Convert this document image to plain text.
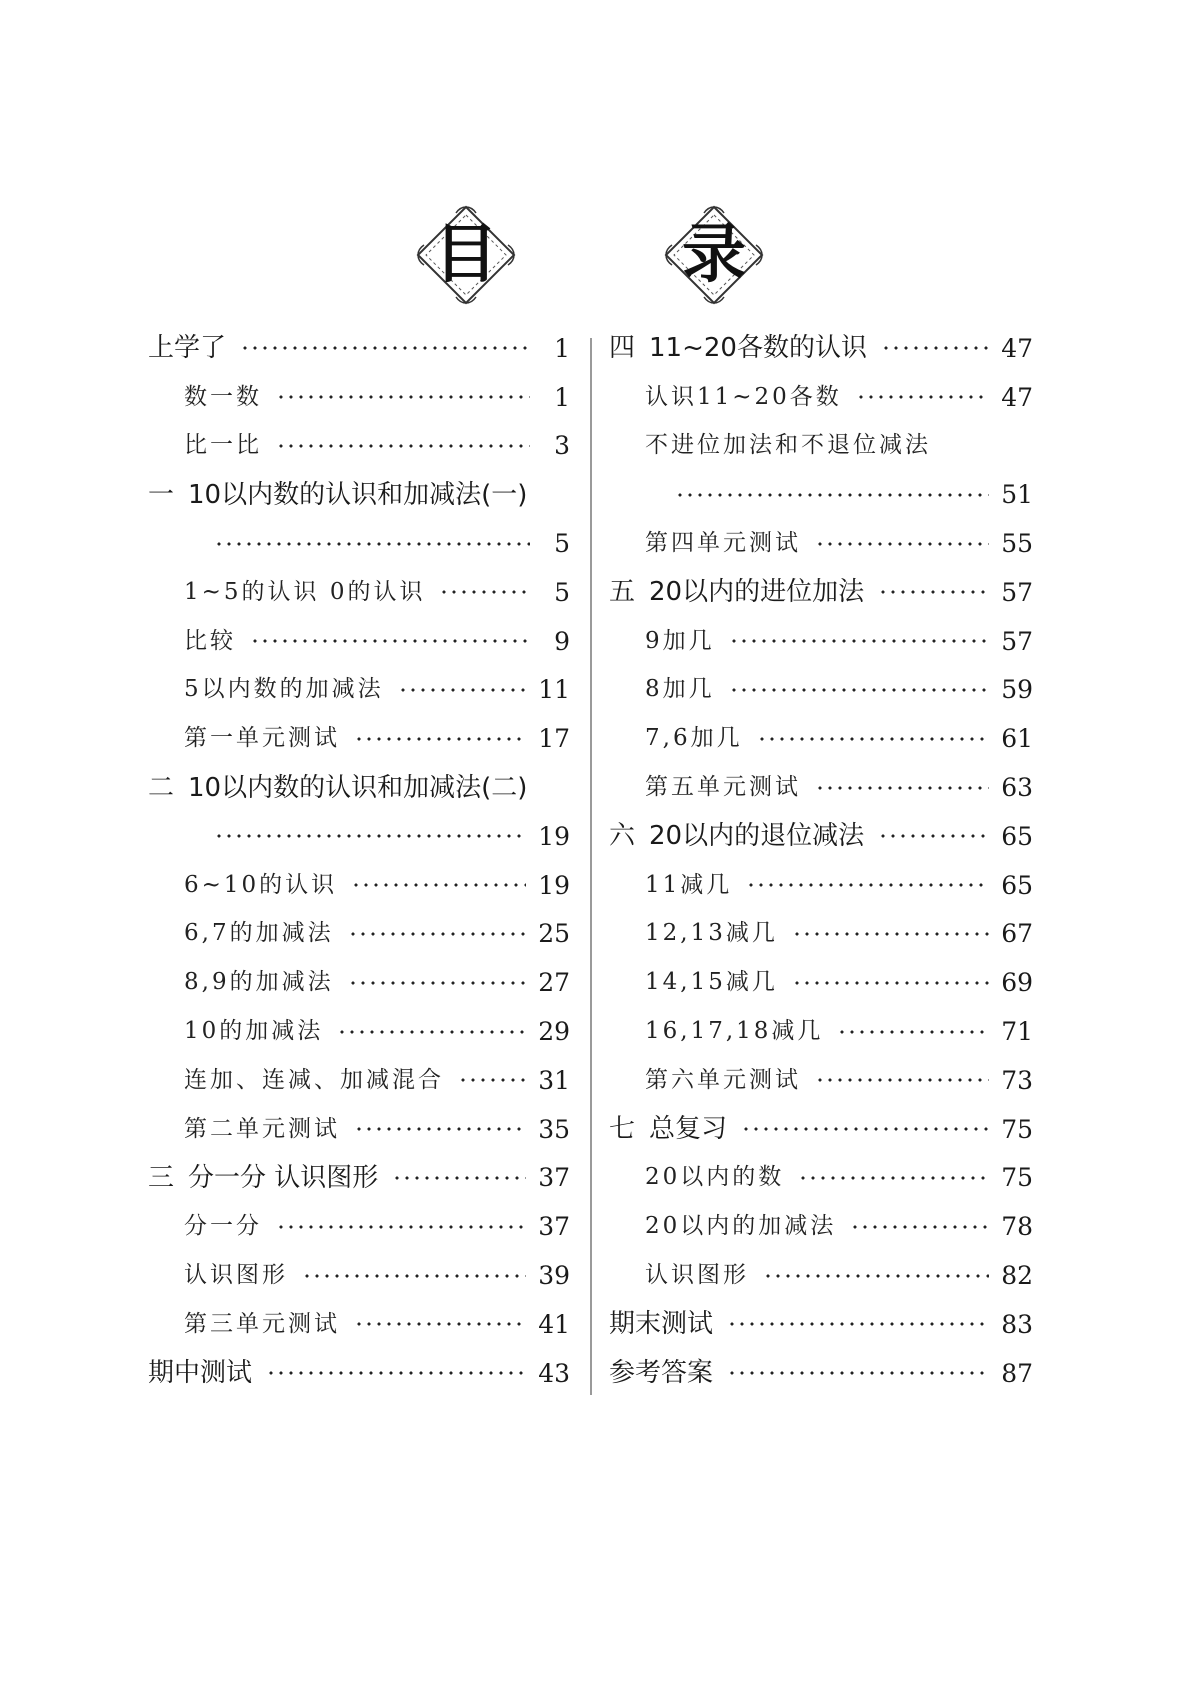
目	录
上学了	1
数一数	1
比一比	3
一 10以内数的认识和加减法(一)
5
1~5的认识 0的认识	5
比较	9
5以内数的加减法	11
第一单元测试	17
二 10以内数的认识和加减法(二)
19
6~10的认识	19
6,7的加减法	25
8,9的加减法	27
10的加减法	29
连加、连减、加减混合	31
第二单元测试	35
三 分一分 认识图形	37
分一分	37
认识图形	39
第三单元测试	41
期中测试	43
四 11~20各数的认识	47
认识11~20各数	47
不进位加法和不退位减法
51
第四单元测试	55
五 20以内的进位加法	57
9加几	57
8加几	59
7,6加几	61
第五单元测试	63
六 20以内的退位减法	65
11减几	65
12,13减几	67
14,15减几	69
16,17,18减几	71
第六单元测试	73
七 总复习	75
20以内的数	75
20以内的加减法	78
认识图形	82
期末测试	83
参考答案	87
